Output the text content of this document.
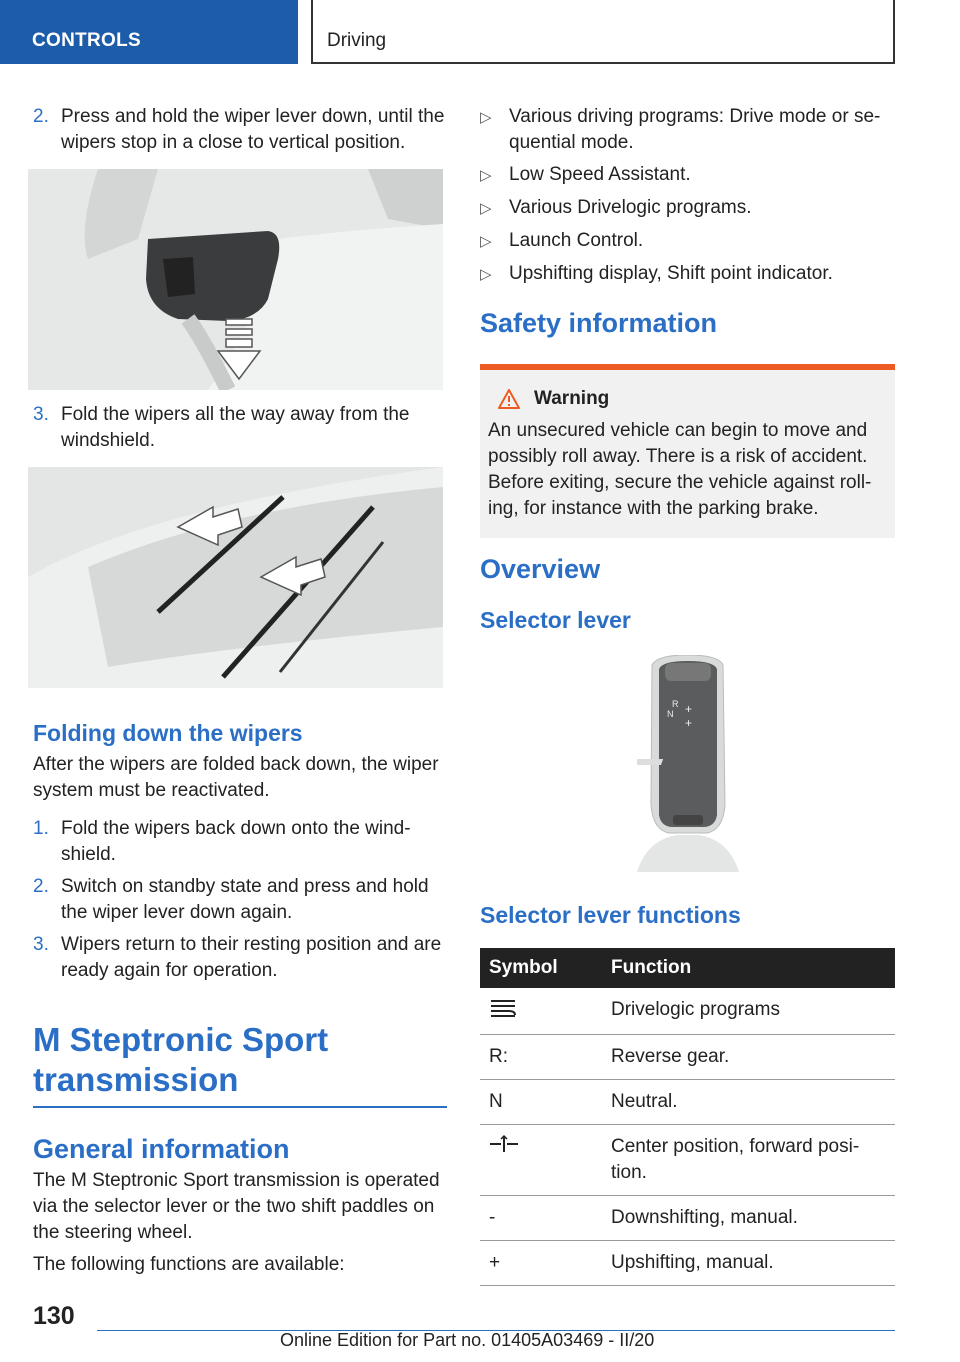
CONTROLS	Driving
2. Press and hold the wiper lever down, until the wipers stop in a close to vertical position.
3. Fold the wipers all the way away from the windshield.
Folding down the wipers
After the wipers are folded back down, the wiper system must be reactivated.
1. Fold the wipers back down onto the wind‐shield.
2. Switch on standby state and press and hold the wiper lever down again.
3. Wipers return to their resting position and are ready again for operation.
M Steptronic Sport transmission
General information
The M Steptronic Sport transmission is operated via the selector lever or the two shift paddles on the steering wheel.
The following functions are available:
▷ Various driving programs: Drive mode or se‐quential mode.
▷ Low Speed Assistant.
▷ Various Drivelogic programs.
▷ Launch Control.
▷ Upshifting display, Shift point indicator.
Safety information
Warning
An unsecured vehicle can begin to move and possibly roll away. There is a risk of accident. Before exiting, secure the vehicle against roll‐ing, for instance with the parking brake.
Overview
Selector lever
R
N +
+
Selector lever functions
Symbol	Function
	Drivelogic programs
R:	Reverse gear.
N	Neutral.
	Center position, forward posi‐tion.
-	Downshifting, manual.
+	Upshifting, manual.
130
Online Edition for Part no. 01405A03469 - II/20
